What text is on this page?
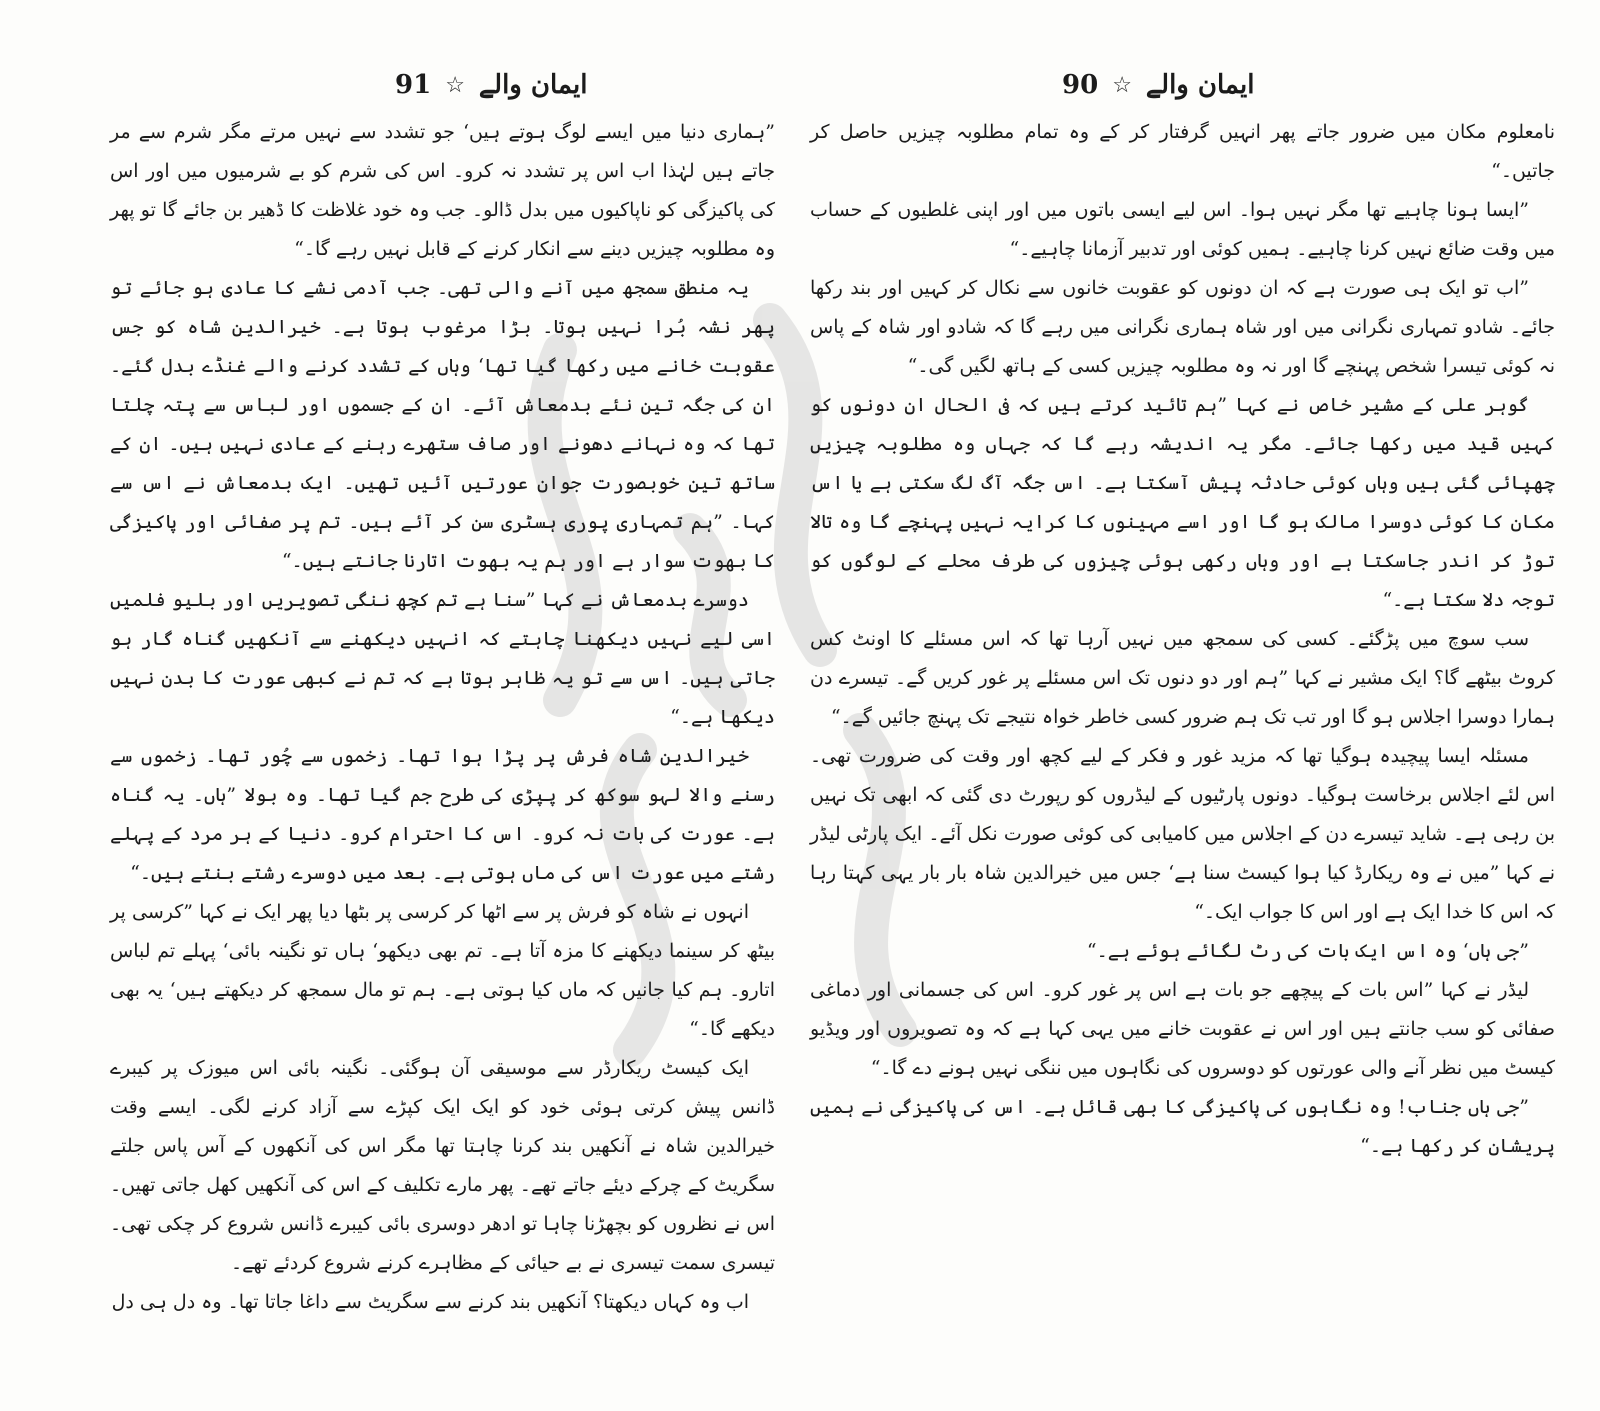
ایمان والے
☆
91

”ہماری دنیا میں ایسے لوگ ہوتے ہیں‘ جو تشدد سے نہیں مرتے مگر شرم سے مر جاتے ہیں لہٰذا اب اس پر تشدد نہ کرو۔ اس کی شرم کو بے شرمیوں میں اور اس کی پاکیزگی کو ناپاکیوں میں بدل ڈالو۔ جب وہ خود غلاظت کا ڈھیر بن جائے گا تو پھر وہ مطلوبہ چیزیں دینے سے انکار کرنے کے قابل نہیں رہے گا۔“

یہ منطق سمجھ میں آنے والی تھی۔ جب آدمی نشے کا عادی ہو جائے تو پھر نشہ بُرا نہیں ہوتا۔ بڑا مرغوب ہوتا ہے۔ خیرالدین شاہ کو جس عقوبت خانے میں رکھا گیا تھا‘ وہاں کے تشدد کرنے والے غنڈے بدل گئے۔ ان کی جگہ تین نئے بدمعاش آئے۔ ان کے جسموں اور لباس سے پتہ چلتا تھا کہ وہ نہانے دھونے اور صاف ستھرے رہنے کے عادی نہیں ہیں۔ ان کے ساتھ تین خوبصورت جوان عورتیں آئیں تھیں۔ ایک بدمعاش نے اس سے کہا۔ ”ہم تمہاری پوری ہسٹری سن کر آئے ہیں۔ تم پر صفائی اور پاکیزگی کا بھوت سوار ہے اور ہم یہ بھوت اتارنا جانتے ہیں۔“

دوسرے بدمعاش نے کہا ”سنا ہے تم کچھ ننگی تصویریں اور بلیو فلمیں اسی لیے نہیں دیکھنا چاہتے کہ انہیں دیکھنے سے آنکھیں گناہ گار ہو جاتی ہیں۔ اس سے تو یہ ظاہر ہوتا ہے کہ تم نے کبھی عورت کا بدن نہیں دیکھا ہے۔“

خیرالدین شاہ فرش پر پڑا ہوا تھا۔ زخموں سے چُور تھا۔ زخموں سے رسنے والا لہو سوکھ کر پپڑی کی طرح جم گیا تھا۔ وہ بولا ”ہاں۔ یہ گناہ ہے۔ عورت کی بات نہ کرو۔ اس کا احترام کرو۔ دنیا کے ہر مرد کے پہلے رشتے میں عورت اس کی ماں ہوتی ہے۔ بعد میں دوسرے رشتے بنتے ہیں۔“

انہوں نے شاہ کو فرش پر سے اٹھا کر کرسی پر بٹھا دیا پھر ایک نے کہا ”کرسی پر بیٹھ کر سینما دیکھنے کا مزہ آتا ہے۔ تم بھی دیکھو‘ ہاں تو نگینہ بائی‘ پہلے تم لباس اتارو۔ ہم کیا جانیں کہ ماں کیا ہوتی ہے۔ ہم تو مال سمجھ کر دیکھتے ہیں‘ یہ بھی دیکھے گا۔“

ایک کیسٹ ریکارڈر سے موسیقی آن ہوگئی۔ نگینہ بائی اس میوزک پر کیبرے ڈانس پیش کرتی ہوئی خود کو ایک ایک کپڑے سے آزاد کرنے لگی۔ ایسے وقت خیرالدین شاہ نے آنکھیں بند کرنا چاہتا تھا مگر اس کی آنکھوں کے آس پاس جلتے سگریٹ کے چرکے دیئے جاتے تھے۔ پھر مارے تکلیف کے اس کی آنکھیں کھل جاتی تھیں۔ اس نے نظروں کو بچھڑنا چاہا تو ادھر دوسری بائی کیبرے ڈانس شروع کر چکی تھی۔ تیسری سمت تیسری نے بے حیائی کے مظاہرے کرنے شروع کردئے تھے۔

اب وہ کہاں دیکھتا؟ آنکھیں بند کرنے سے سگریٹ سے داغا جاتا تھا۔ وہ دل ہی دل

ایمان والے
☆
90

نامعلوم مکان میں ضرور جاتے پھر انہیں گرفتار کر کے وہ تمام مطلوبہ چیزیں حاصل کر جاتیں۔“

”ایسا ہونا چاہیے تھا مگر نہیں ہوا۔ اس لیے ایسی باتوں میں اور اپنی غلطیوں کے حساب میں وقت ضائع نہیں کرنا چاہیے۔ ہمیں کوئی اور تدبیر آزمانا چاہیے۔“

”اب تو ایک ہی صورت ہے کہ ان دونوں کو عقوبت خانوں سے نکال کر کہیں اور بند رکھا جائے۔ شادو تمہاری نگرانی میں اور شاہ ہماری نگرانی میں رہے گا کہ شادو اور شاہ کے پاس نہ کوئی تیسرا شخص پہنچے گا اور نہ وہ مطلوبہ چیزیں کسی کے ہاتھ لگیں گی۔“

گوہر علی کے مشیر خاص نے کہا ”ہم تائید کرتے ہیں کہ فی الحال ان دونوں کو کہیں قید میں رکھا جائے۔ مگر یہ اندیشہ رہے گا کہ جہاں وہ مطلوبہ چیزیں چھپائی گئی ہیں وہاں کوئی حادثہ پیش آسکتا ہے۔ اس جگہ آگ لگ سکتی ہے یا اس مکان کا کوئی دوسرا مالک ہو گا اور اسے مہینوں کا کرایہ نہیں پہنچے گا وہ تالا توڑ کر اندر جاسکتا ہے اور وہاں رکھی ہوئی چیزوں کی طرف محلے کے لوگوں کو توجہ دلا سکتا ہے۔“

سب سوچ میں پڑگئے۔ کسی کی سمجھ میں نہیں آرہا تھا کہ اس مسئلے کا اونٹ کس کروٹ بیٹھے گا؟ ایک مشیر نے کہا ”ہم اور دو دنوں تک اس مسئلے پر غور کریں گے۔ تیسرے دن ہمارا دوسرا اجلاس ہو گا اور تب تک ہم ضرور کسی خاطر خواہ نتیجے تک پہنچ جائیں گے۔“

مسئلہ ایسا پیچیدہ ہوگیا تھا کہ مزید غور و فکر کے لیے کچھ اور وقت کی ضرورت تھی۔ اس لئے اجلاس برخاست ہوگیا۔ دونوں پارٹیوں کے لیڈروں کو رپورٹ دی گئی کہ ابھی تک نہیں بن رہی ہے۔ شاید تیسرے دن کے اجلاس میں کامیابی کی کوئی صورت نکل آئے۔ ایک پارٹی لیڈر نے کہا ”میں نے وہ ریکارڈ کیا ہوا کیسٹ سنا ہے‘ جس میں خیرالدین شاہ بار بار یہی کہتا رہا کہ اس کا خدا ایک ہے اور اس کا جواب ایک۔“

”جی ہاں‘ وہ اس ایک بات کی رٹ لگائے ہوئے ہے۔“

لیڈر نے کہا ”اس بات کے پیچھے جو بات ہے اس پر غور کرو۔ اس کی جسمانی اور دماغی صفائی کو سب جانتے ہیں اور اس نے عقوبت خانے میں یہی کہا ہے کہ وہ تصویروں اور ویڈیو کیسٹ میں نظر آنے والی عورتوں کو دوسروں کی نگاہوں میں ننگی نہیں ہونے دے گا۔“

”جی ہاں جناب! وہ نگاہوں کی پاکیزگی کا بھی قائل ہے۔ اس کی پاکیزگی نے ہمیں پریشان کر رکھا ہے۔“
